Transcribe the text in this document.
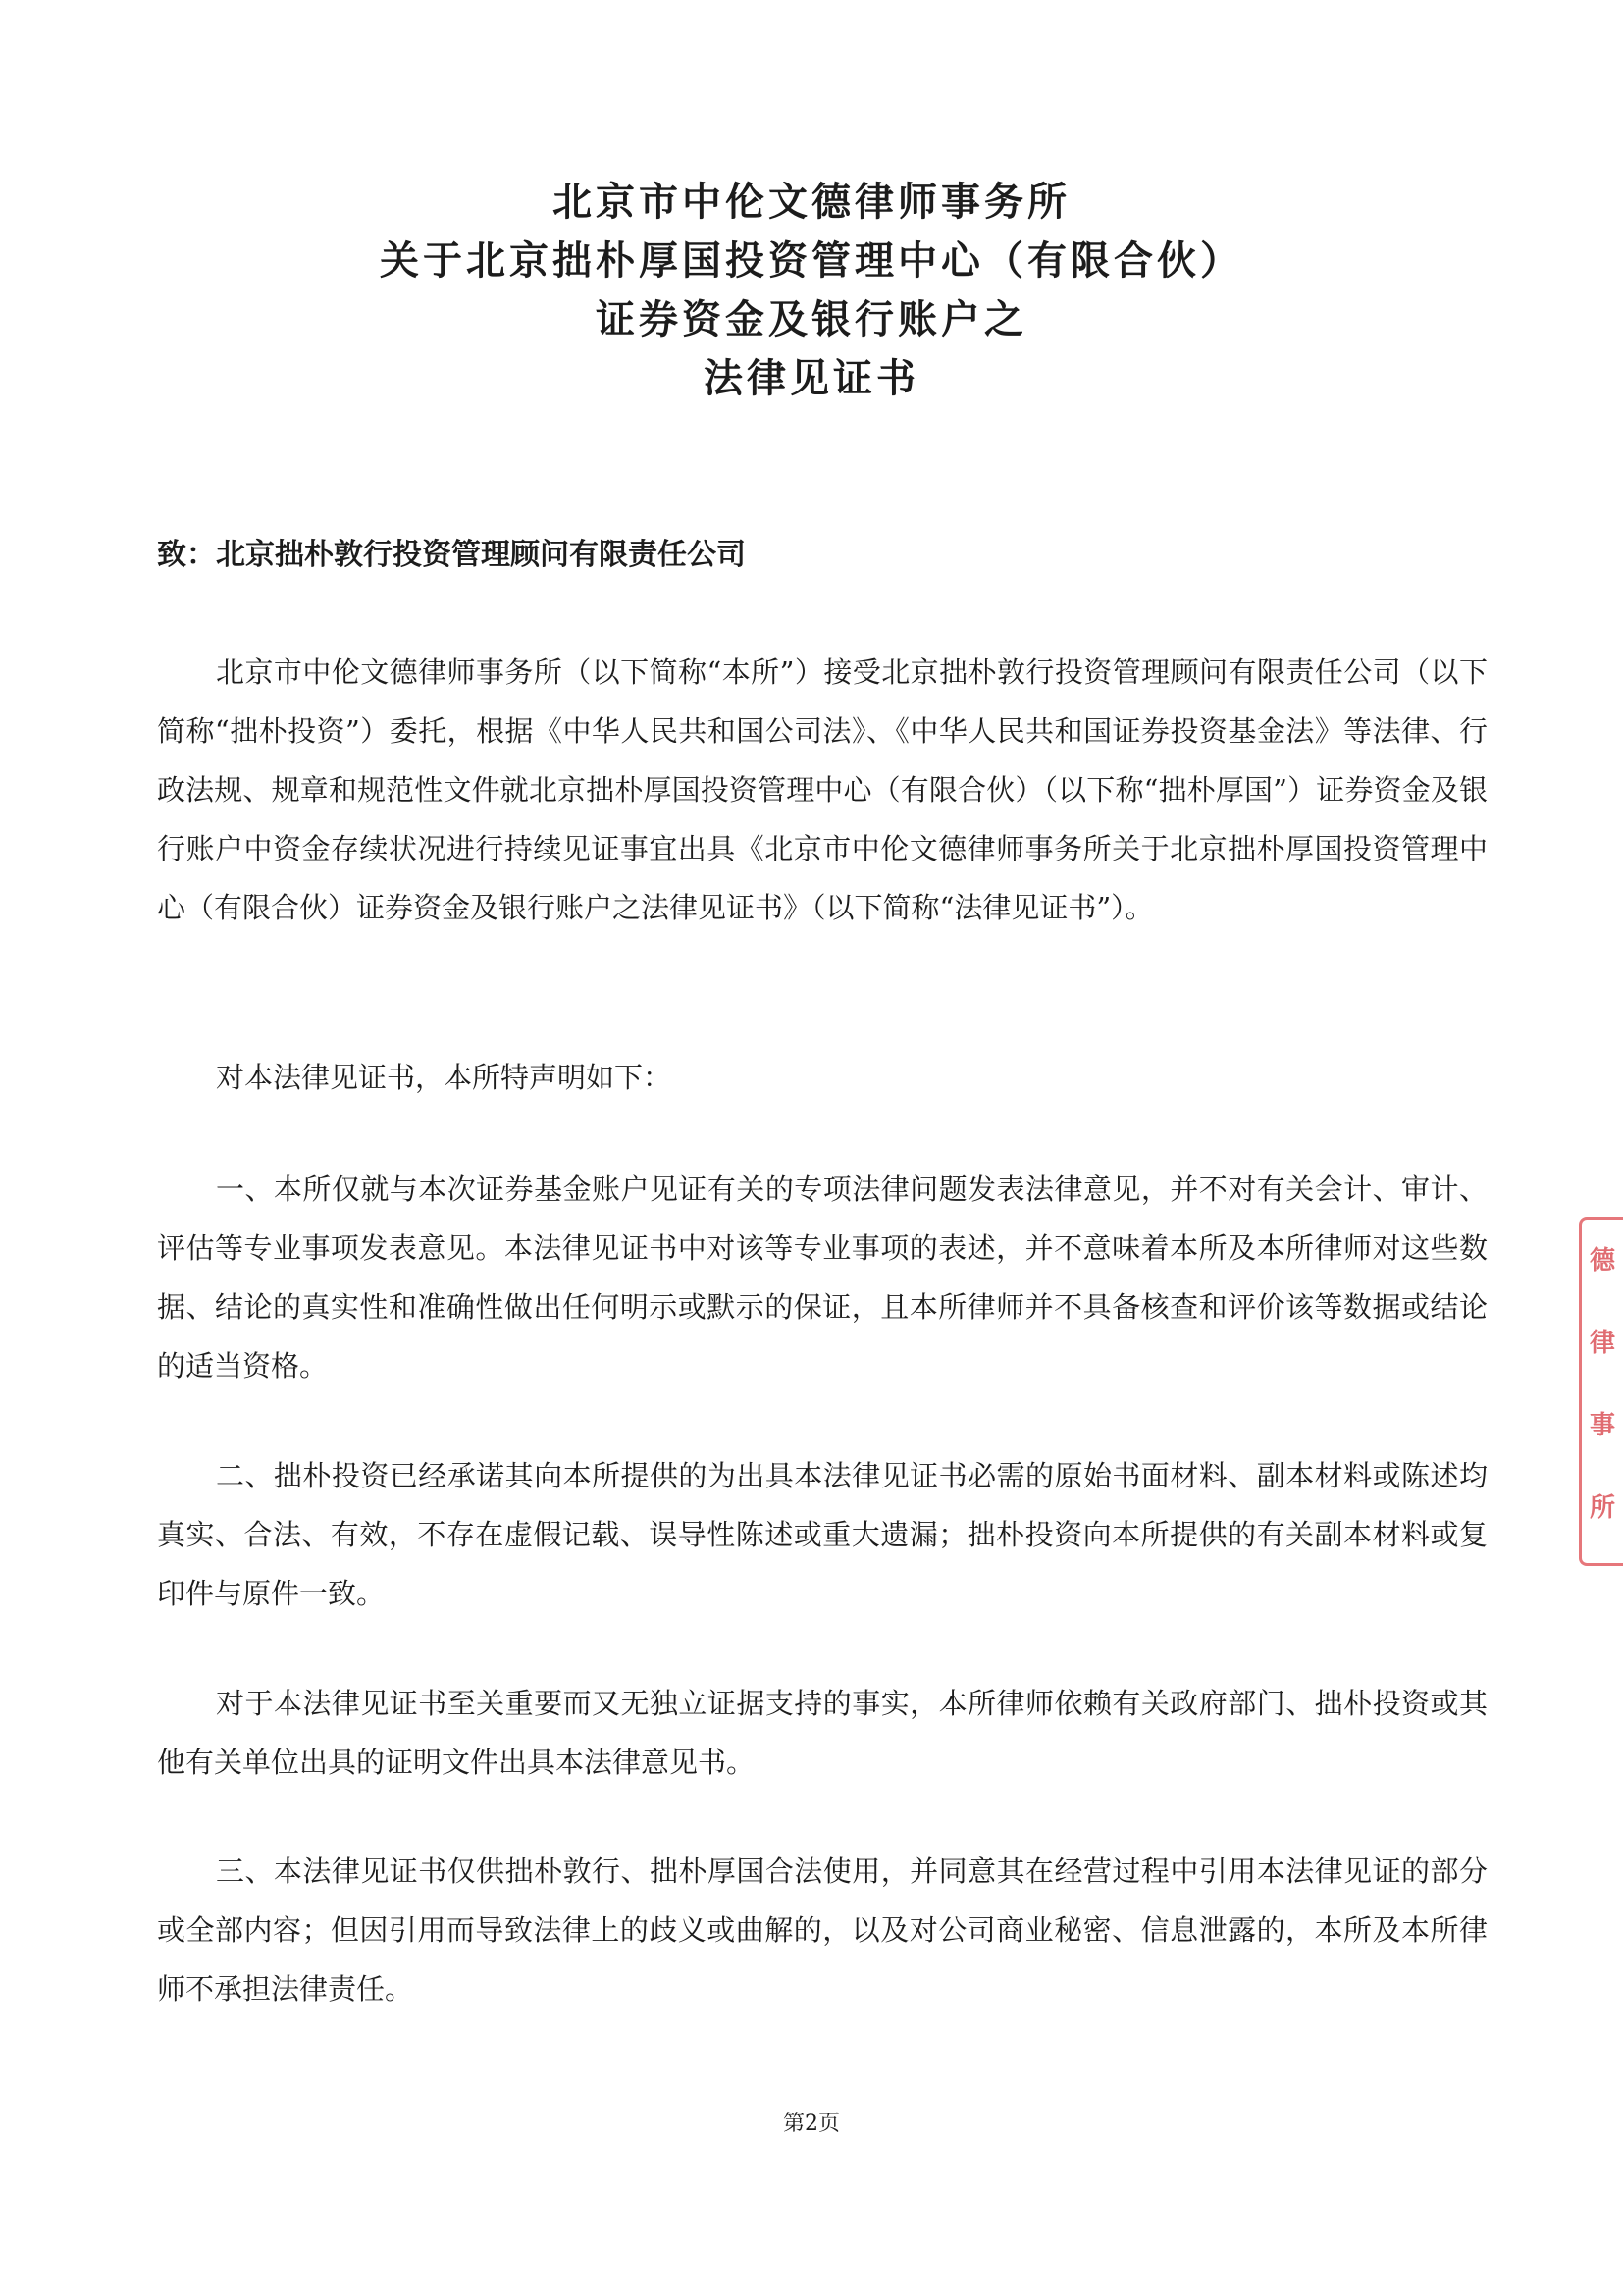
北京市中伦文德律师事务所
关于北京拙朴厚国投资管理中心（有限合伙）
证券资金及银行账户之
法律见证书
致：北京拙朴敦行投资管理顾问有限责任公司

北京市中伦文德律师事务所（以下简称“本所”）接受北京拙朴敦行投资管理顾问有限责任公司（以下简称“拙朴投资”）委托，根据《中华人民共和国公司法》、《中华人民共和国证券投资基金法》等法律、行政法规、规章和规范性文件就北京拙朴厚国投资管理中心（有限合伙）（以下称“拙朴厚国”）证券资金及银行账户中资金存续状况进行持续见证事宜出具《北京市中伦文德律师事务所关于北京拙朴厚国投资管理中心（有限合伙）证券资金及银行账户之法律见证书》（以下简称“法律见证书”）。

对本法律见证书，本所特声明如下：

一、本所仅就与本次证券基金账户见证有关的专项法律问题发表法律意见，并不对有关会计、审计、评估等专业事项发表意见。本法律见证书中对该等专业事项的表述，并不意味着本所及本所律师对这些数据、结论的真实性和准确性做出任何明示或默示的保证，且本所律师并不具备核查和评价该等数据或结论的适当资格。

二、拙朴投资已经承诺其向本所提供的为出具本法律见证书必需的原始书面材料、副本材料或陈述均真实、合法、有效，不存在虚假记载、误导性陈述或重大遗漏；拙朴投资向本所提供的有关副本材料或复印件与原件一致。

对于本法律见证书至关重要而又无独立证据支持的事实，本所律师依赖有关政府部门、拙朴投资或其他有关单位出具的证明文件出具本法律意见书。

三、本法律见证书仅供拙朴敦行、拙朴厚国合法使用，并同意其在经营过程中引用本法律见证的部分或全部内容；但因引用而导致法律上的歧义或曲解的，以及对公司商业秘密、信息泄露的，本所及本所律师不承担法律责任。

德
律
事
所
第2页
